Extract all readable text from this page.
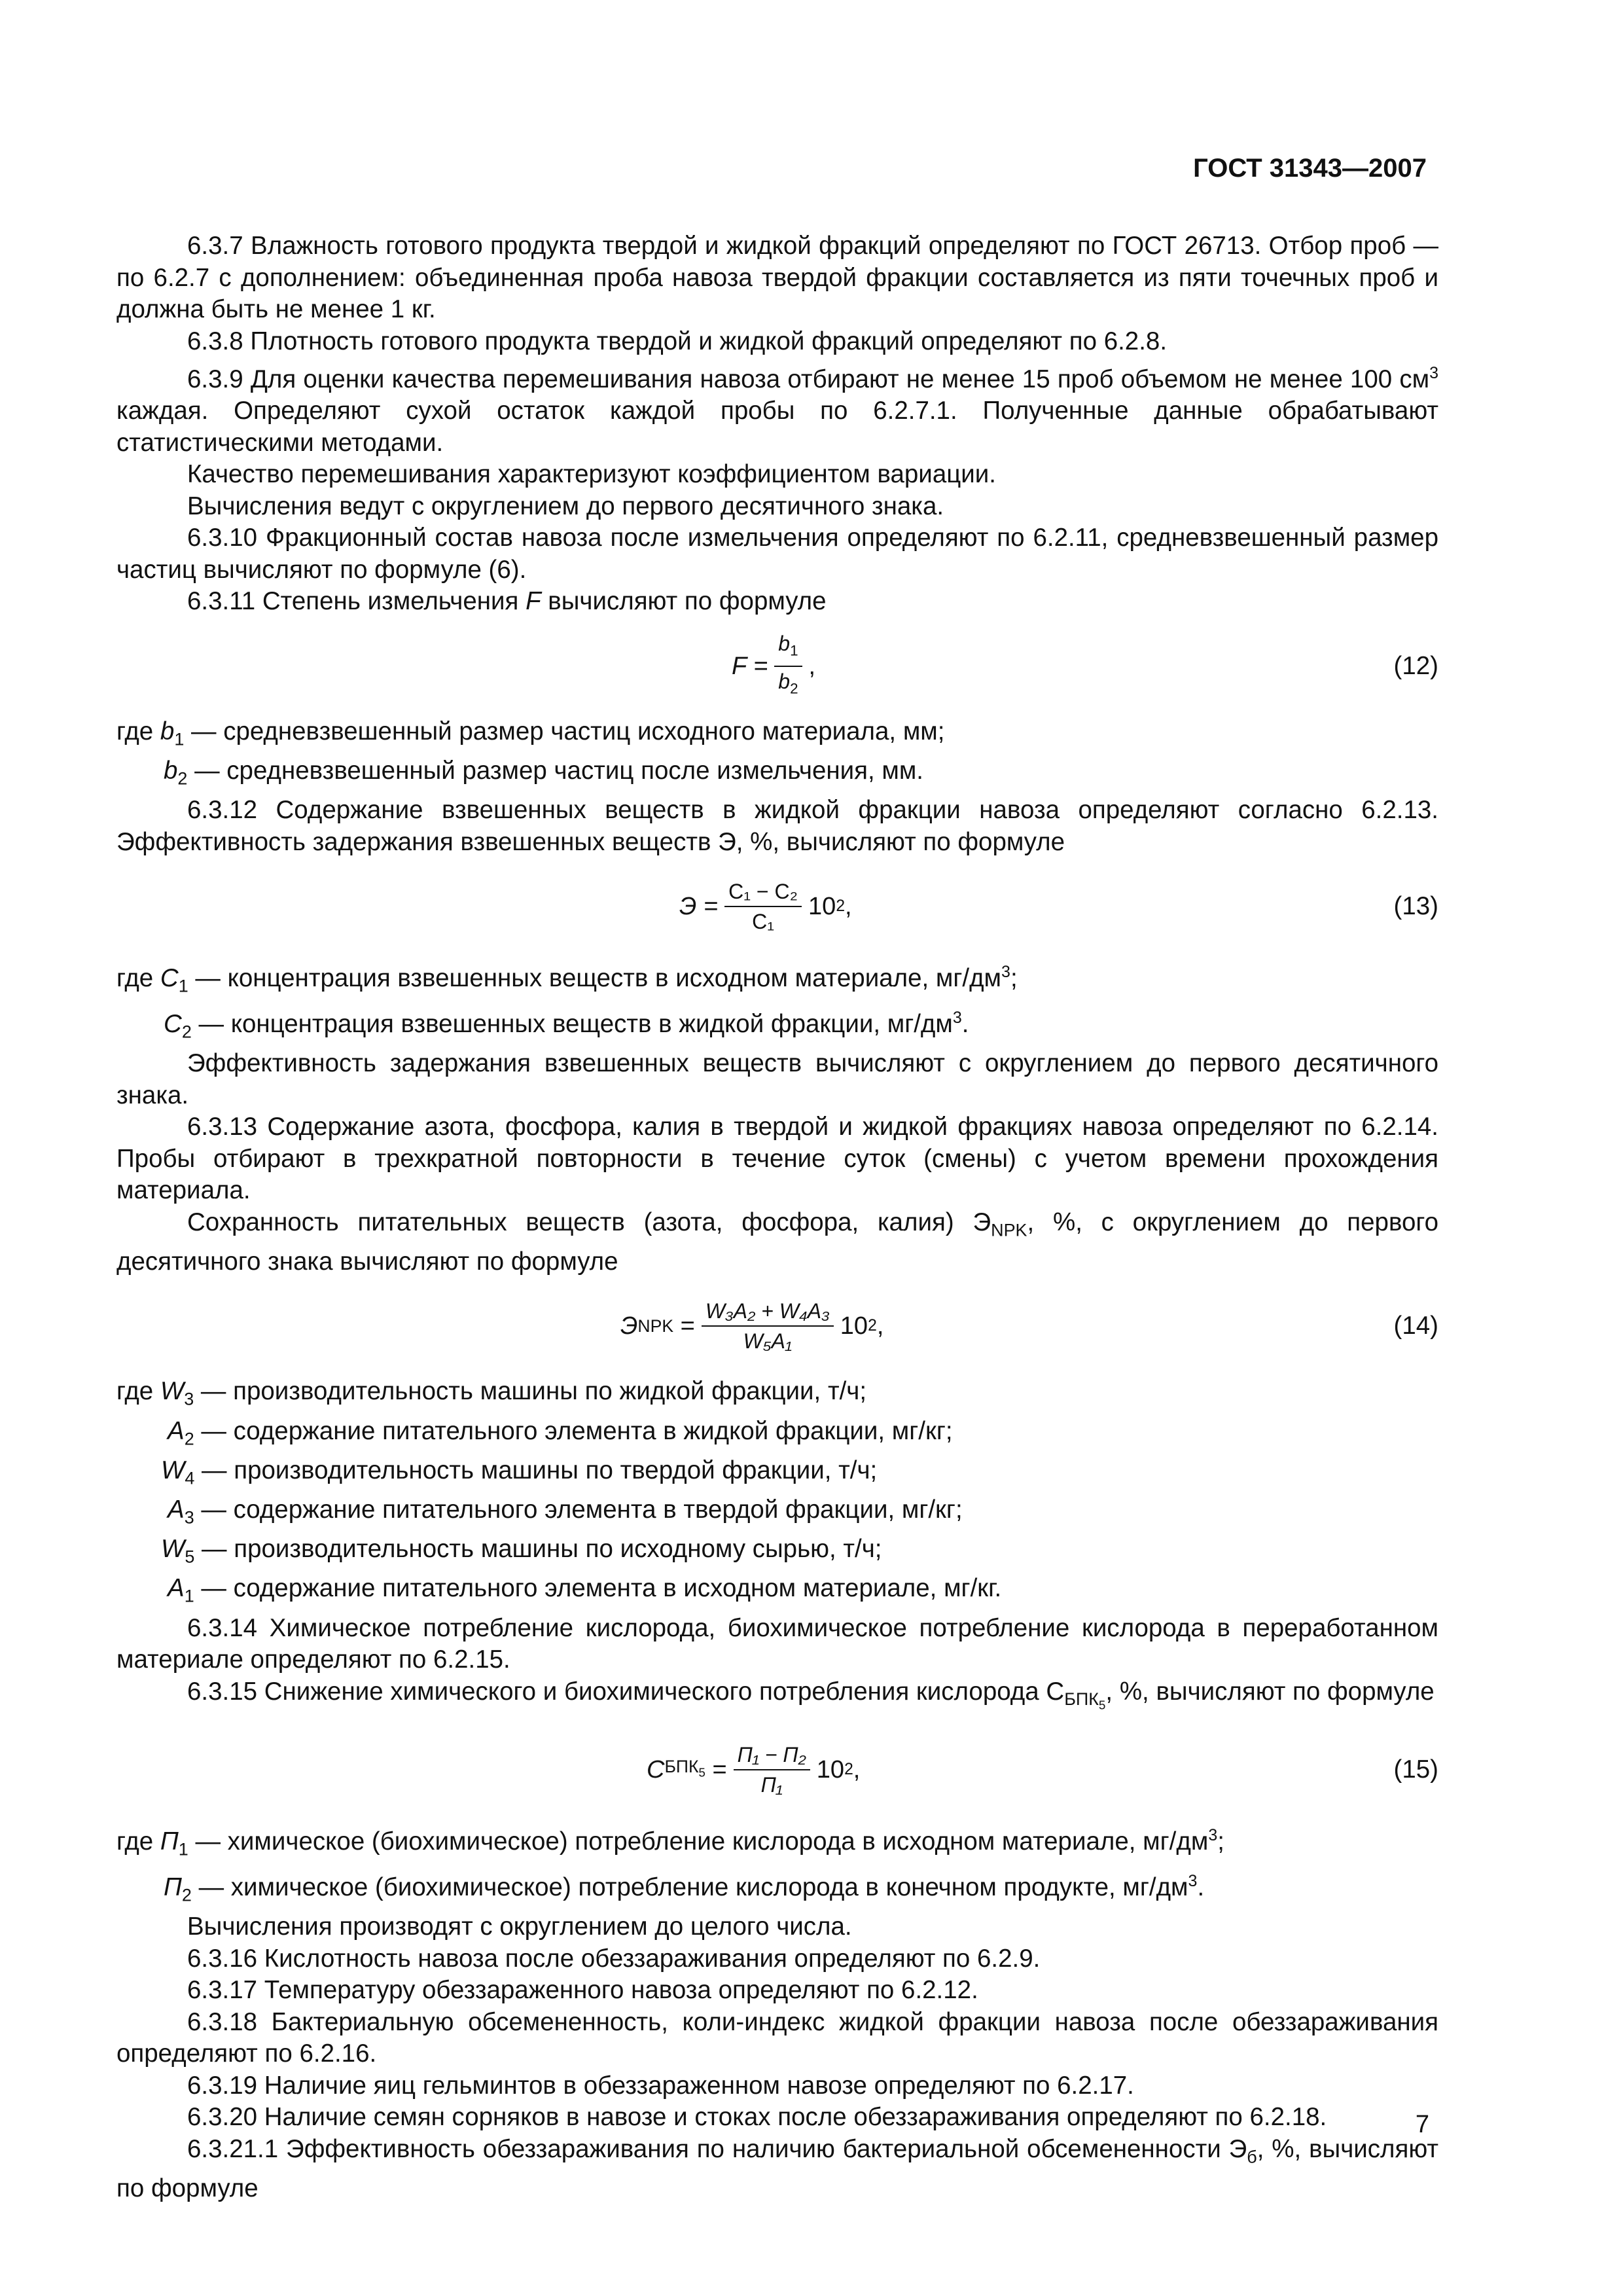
ГОСТ 31343—2007

6.3.7 Влажность готового продукта твердой и жидкой фракций определяют по ГОСТ 26713. Отбор проб — по 6.2.7 с дополнением: объединенная проба навоза твердой фракции составляется из пяти точечных проб и должна быть не менее 1 кг.

6.3.8 Плотность готового продукта твердой и жидкой фракций определяют по 6.2.8.

6.3.9 Для оценки качества перемешивания навоза отбирают не менее 15 проб объемом не менее 100 $см^3$ каждая. Определяют сухой остаток каждой пробы по 6.2.7.1. Полученные данные обрабатывают статистическими методами.

Качество перемешивания характеризуют коэффициентом вариации.

Вычисления ведут с округлением до первого десятичного знака.

6.3.10 Фракционный состав навоза после измельчения определяют по 6.2.11, средневзвешенный размер частиц вычисляют по формуле (6).

6.3.11 Степень измельчения F вычисляют по формуле

$F = \frac{b_1}{b_2}$ ,	(12)

где $b_1$ — средневзвешенный размер частиц исходного материала, мм;

$b_2$ — средневзвешенный размер частиц после измельчения, мм.

6.3.12 Содержание взвешенных веществ в жидкой фракции навоза определяют согласно 6.2.13. Эффективность задержания взвешенных веществ Э, %, вычисляют по формуле

$Э = \frac{\text{C₁ − C₂}}{\text{C₁}} 10$ 2 ,	(13)

где $C_1$ — концентрация взвешенных веществ в исходном материале, $мг/дм^3$;

$C_2$ — концентрация взвешенных веществ в жидкой фракции, $мг/дм^3$.

Эффективность задержания взвешенных веществ вычисляют с округлением до первого десятичного знака.

6.3.13 Содержание азота, фосфора, калия в твердой и жидкой фракциях навоза определяют по 6.2.14. Пробы отбирают в трехкратной повторности в течение суток (смены) с учетом времени прохождения материала.

Сохранность питательных веществ (азота, фосфора, калия) $Э_{NPK}$, %, с округлением до первого десятичного знака вычисляют по формуле

Э NPK
= $\frac{\text{W₃A₂ + W₄A₃}}{\text{W₅A₁}} 10$ 2 ,	(14)

где $W_3$ — производительность машины по жидкой фракции, т/ч;

$A_2$ — содержание питательного элемента в жидкой фракции, мг/кг;

$W_4$ — производительность машины по твердой фракции, т/ч;

$A_3$ — содержание питательного элемента в твердой фракции, мг/кг;

$W_5$ — производительность машины по исходному сырью, т/ч;

$A_1$ — содержание питательного элемента в исходном материале, мг/кг.

6.3.14 Химическое потребление кислорода, биохимическое потребление кислорода в переработанном материале определяют по 6.2.15.

6.3.15 Снижение химического и биохимического потребления кислорода $С_{БПК_5}$, %, вычисляют по формуле

С $БПК_5$
= $\frac{\text{П₁ − П₂}}{\text{П₁}} 10$ 2 ,	(15)

где $П_1$ — химическое (биохимическое) потребление кислорода в исходном материале, $мг/дм^3$;

$П_2$ — химическое (биохимическое) потребление кислорода в конечном продукте, $мг/дм^3$.

Вычисления производят с округлением до целого числа.

6.3.16 Кислотность навоза после обеззараживания определяют по 6.2.9.

6.3.17 Температуру обеззараженного навоза определяют по 6.2.12.

6.3.18 Бактериальную обсемененность, коли-индекс жидкой фракции навоза после обеззараживания определяют по 6.2.16.

6.3.19 Наличие яиц гельминтов в обеззараженном навозе определяют по 6.2.17.

6.3.20 Наличие семян сорняков в навозе и стоках после обеззараживания определяют по 6.2.18.

6.3.21.1 Эффективность обеззараживания по наличию бактериальной обсемененности $Э_б$, %, вычисляют по формуле

7
